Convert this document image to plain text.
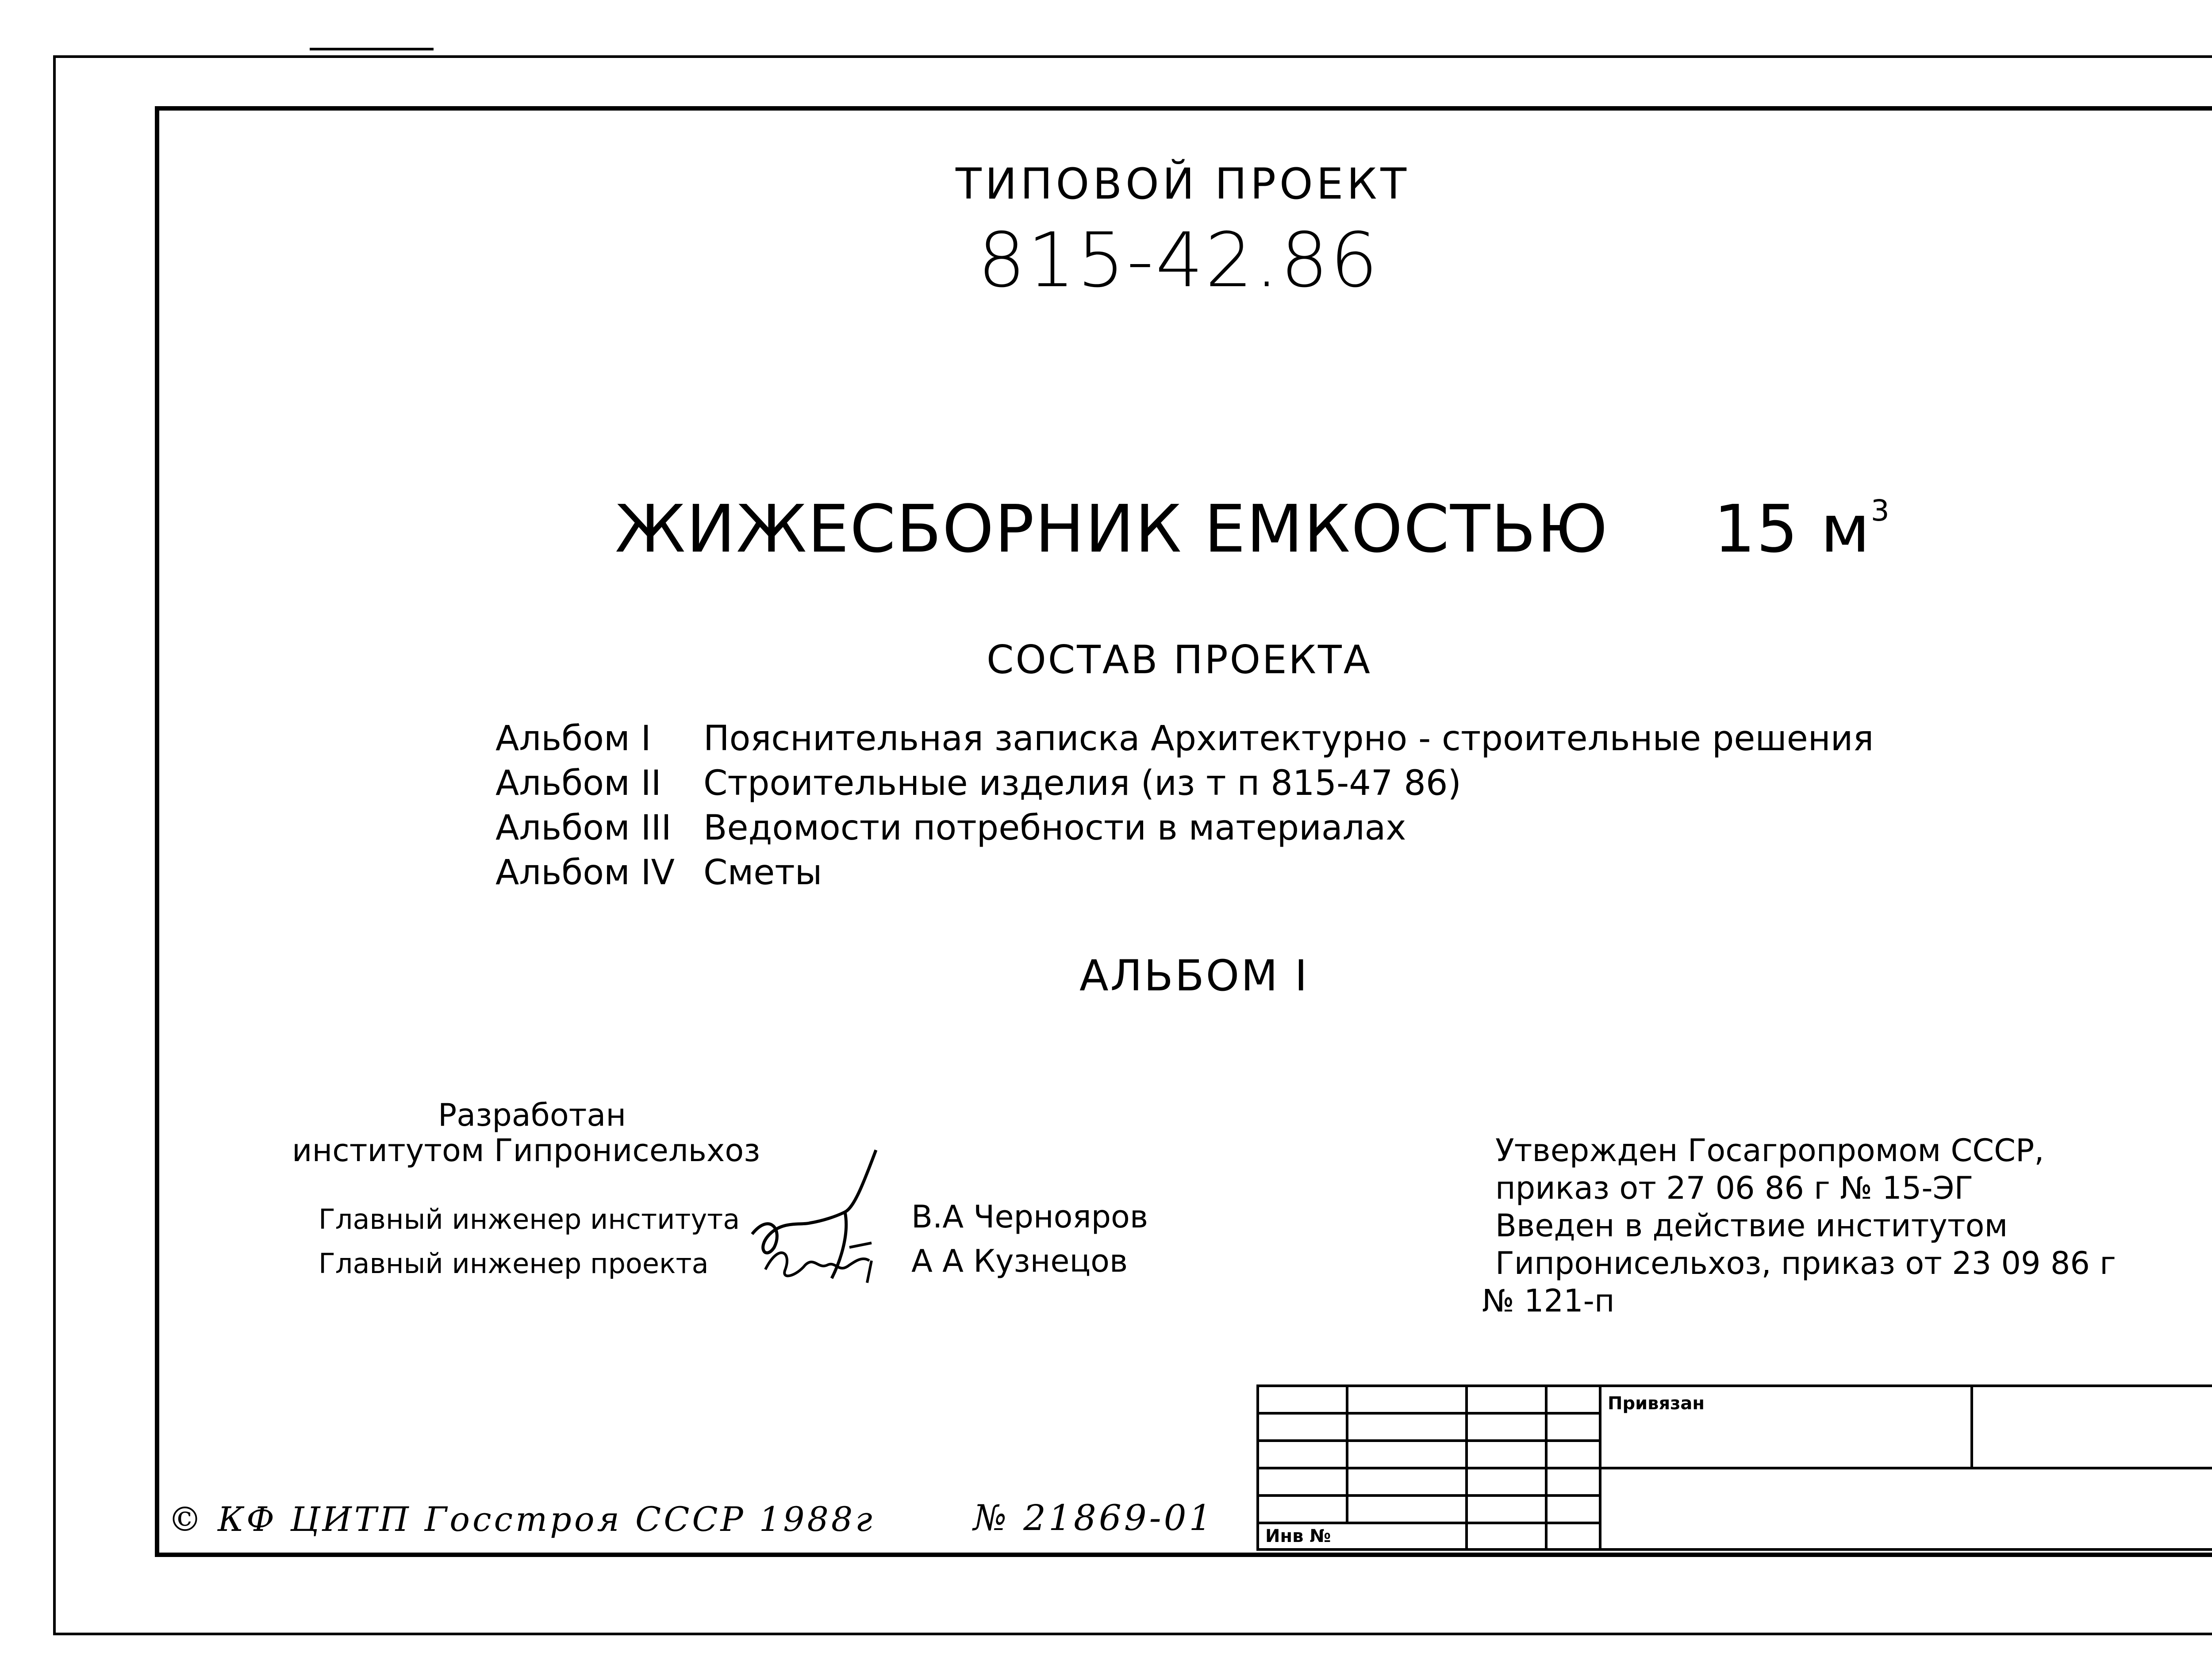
ТИПОВОЙ ПРОЕКТ
815-42.86
ЖИЖЕСБОРНИК ЕМКОСТЬЮ 15 $м^3$
СОСТАВ ПРОЕКТА
Альбом I Пояснительная записка Архитектурно - строительные решения
Альбом II Строительные изделия (из т п 815-47 86)
Альбом III Ведомости потребности в материалах
Альбом IV Сметы
АЛЬБОМ I
Разработан
институтом Гипронисельхоз
Главный инженер института	В.А Чернояров
Главный инженер проекта	А А Кузнецов
Утвержден Госагропромом СССР,
приказ от 27 06 86 г № 15-ЭГ
Введен в действие институтом
Гипронисельхоз, приказ от 23 09 86 г
№ 121-п

Инв №			
Привязан	

© КФ ЦИТП Госстроя СССР 1988г	№ 21869-01
